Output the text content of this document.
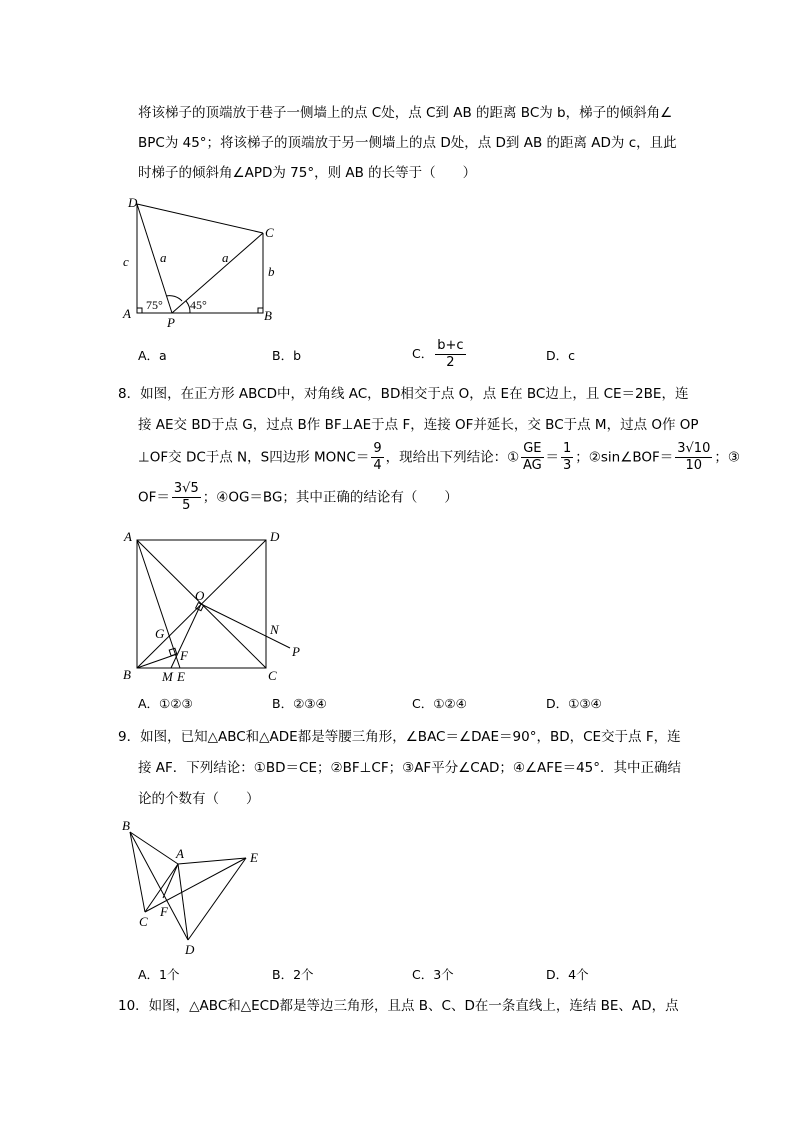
将该梯子的顶端放于巷子一侧墙上的点 C处，点 C到 AB 的距离 BC为 b，梯子的倾斜角∠
BPC为 45°；将该梯子的顶端放于另一侧墙上的点 D处，点 D到 AB 的距离 AD为 c，且此
时梯子的倾斜角∠APD为 75°，则 AB 的长等于（　　）
D
C
A
P	B
a	a
b
c
75° 45°
A	D
B	C
O
G
F
N
P
M E
B
A	E
C
F
D
A．a	B．b	C． $\frac{b+c}{2}$	D．c
8．如图，在正方形 ABCD中，对角线 AC，BD相交于点 O，点 E在 BC边上，且 CE＝2BE，连
接 AE交 BD于点 G，过点 B作 BF⊥AE于点 F，连接 OF并延长，交 BC于点 M，过点 O作 OP
⊥OF交 DC于点 N，S四边形 MONC＝ $\frac{9}{4}$ ，现给出下列结论：① $\frac{GE}{AG} = \frac{1}{3}$ ；②sin∠BOF＝ $\frac{3√10}{10}$ ；③
$OF= \frac{3√5}{5}$ ；④OG＝BG；其中正确的结论有（　　）
A．①②③	B．②③④	C．①②④	D．①③④
9．如图，已知△ABC和△ADE都是等腰三角形，∠BAC＝∠DAE＝90°，BD，CE交于点 F，连
接 AF．下列结论：①BD＝CE；②BF⊥CF；③AF平分∠CAD；④∠AFE＝45°．其中正确结
论的个数有（　　）
A．1个	B．2个	C．3个	D．4个
10．如图，△ABC和△ECD都是等边三角形，且点 B、C、D在一条直线上，连结 BE、AD，点
